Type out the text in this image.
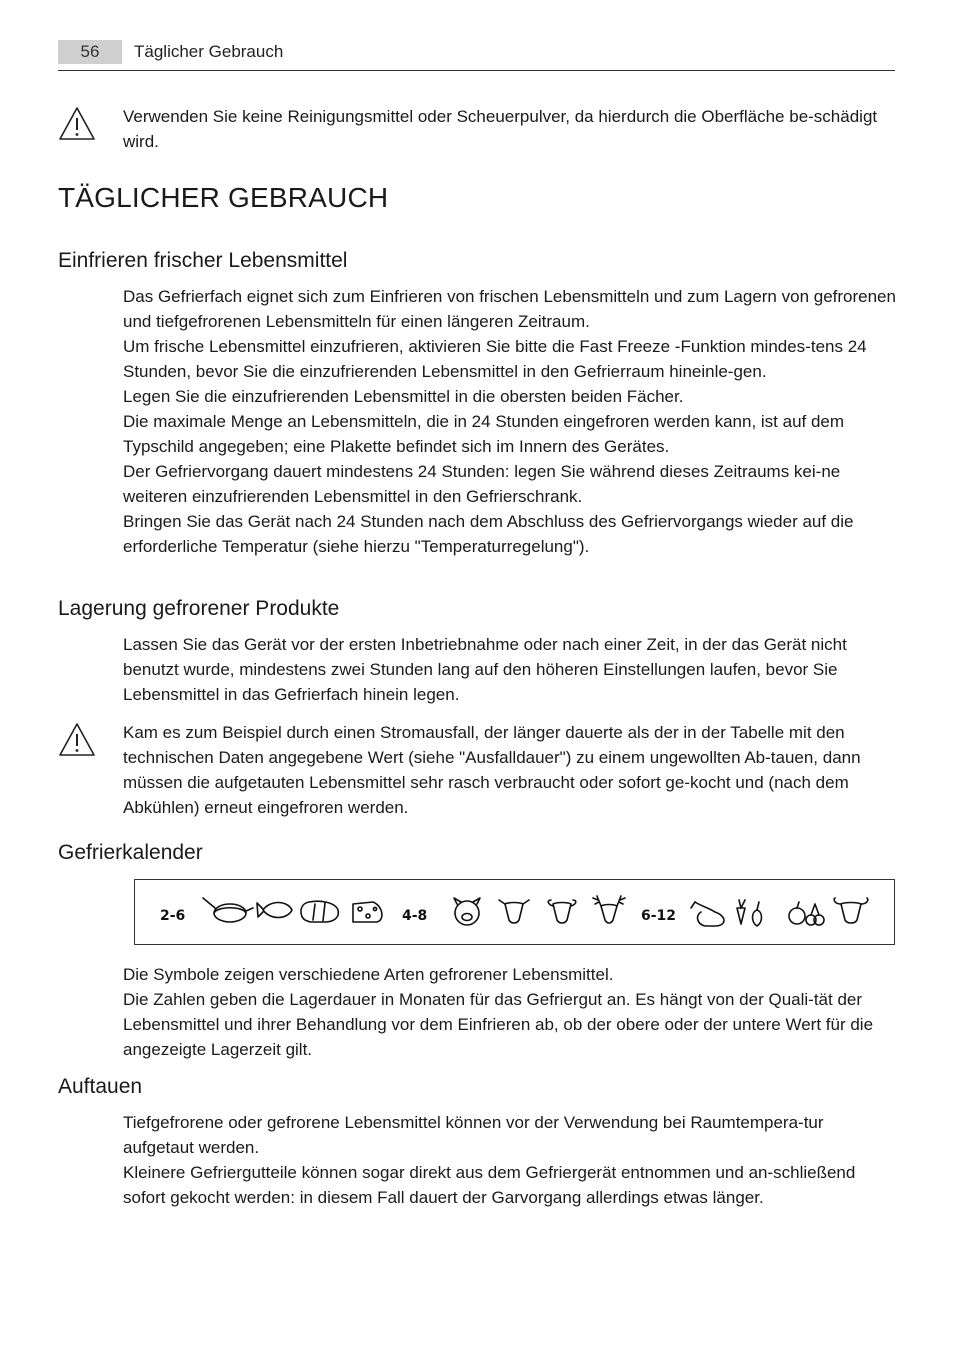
56	Täglicher Gebrauch

Verwenden Sie keine Reinigungsmittel oder Scheuerpulver, da hierdurch die Oberfläche be-schädigt wird.

TÄGLICHER GEBRAUCH
Einfrieren frischer Lebensmittel

Das Gefrierfach eignet sich zum Einfrieren von frischen Lebensmitteln und zum Lagern von gefrorenen und tiefgefrorenen Lebensmitteln für einen längeren Zeitraum.

Um frische Lebensmittel einzufrieren, aktivieren Sie bitte die Fast Freeze -Funktion mindes-tens 24 Stunden, bevor Sie die einzufrierenden Lebensmittel in den Gefrierraum hineinle-gen.

Legen Sie die einzufrierenden Lebensmittel in die obersten beiden Fächer.

Die maximale Menge an Lebensmitteln, die in 24 Stunden eingefroren werden kann, ist auf dem Typschild angegeben; eine Plakette befindet sich im Innern des Gerätes.

Der Gefriervorgang dauert mindestens 24 Stunden: legen Sie während dieses Zeitraums kei-ne weiteren einzufrierenden Lebensmittel in den Gefrierschrank.

Bringen Sie das Gerät nach 24 Stunden nach dem Abschluss des Gefriervorgangs wieder auf die erforderliche Temperatur (siehe hierzu "Temperaturregelung").

Lagerung gefrorener Produkte

Lassen Sie das Gerät vor der ersten Inbetriebnahme oder nach einer Zeit, in der das Gerät nicht benutzt wurde, mindestens zwei Stunden lang auf den höheren Einstellungen laufen, bevor Sie Lebensmittel in das Gefrierfach hinein legen.

Kam es zum Beispiel durch einen Stromausfall, der länger dauerte als der in der Tabelle mit den technischen Daten angegebene Wert (siehe "Ausfalldauer") zu einem ungewollten Ab-tauen, dann müssen die aufgetauten Lebensmittel sehr rasch verbraucht oder sofort ge-kocht und (nach dem Abkühlen) erneut eingefroren werden.

Gefrierkalender
2-6	4-8	6-12

Die Symbole zeigen verschiedene Arten gefrorener Lebensmittel.

Die Zahlen geben die Lagerdauer in Monaten für das Gefriergut an. Es hängt von der Quali-tät der Lebensmittel und ihrer Behandlung vor dem Einfrieren ab, ob der obere oder der untere Wert für die angezeigte Lagerzeit gilt.

Auftauen

Tiefgefrorene oder gefrorene Lebensmittel können vor der Verwendung bei Raumtempera-tur aufgetaut werden.

Kleinere Gefriergutteile können sogar direkt aus dem Gefriergerät entnommen und an-schließend sofort gekocht werden: in diesem Fall dauert der Garvorgang allerdings etwas länger.
